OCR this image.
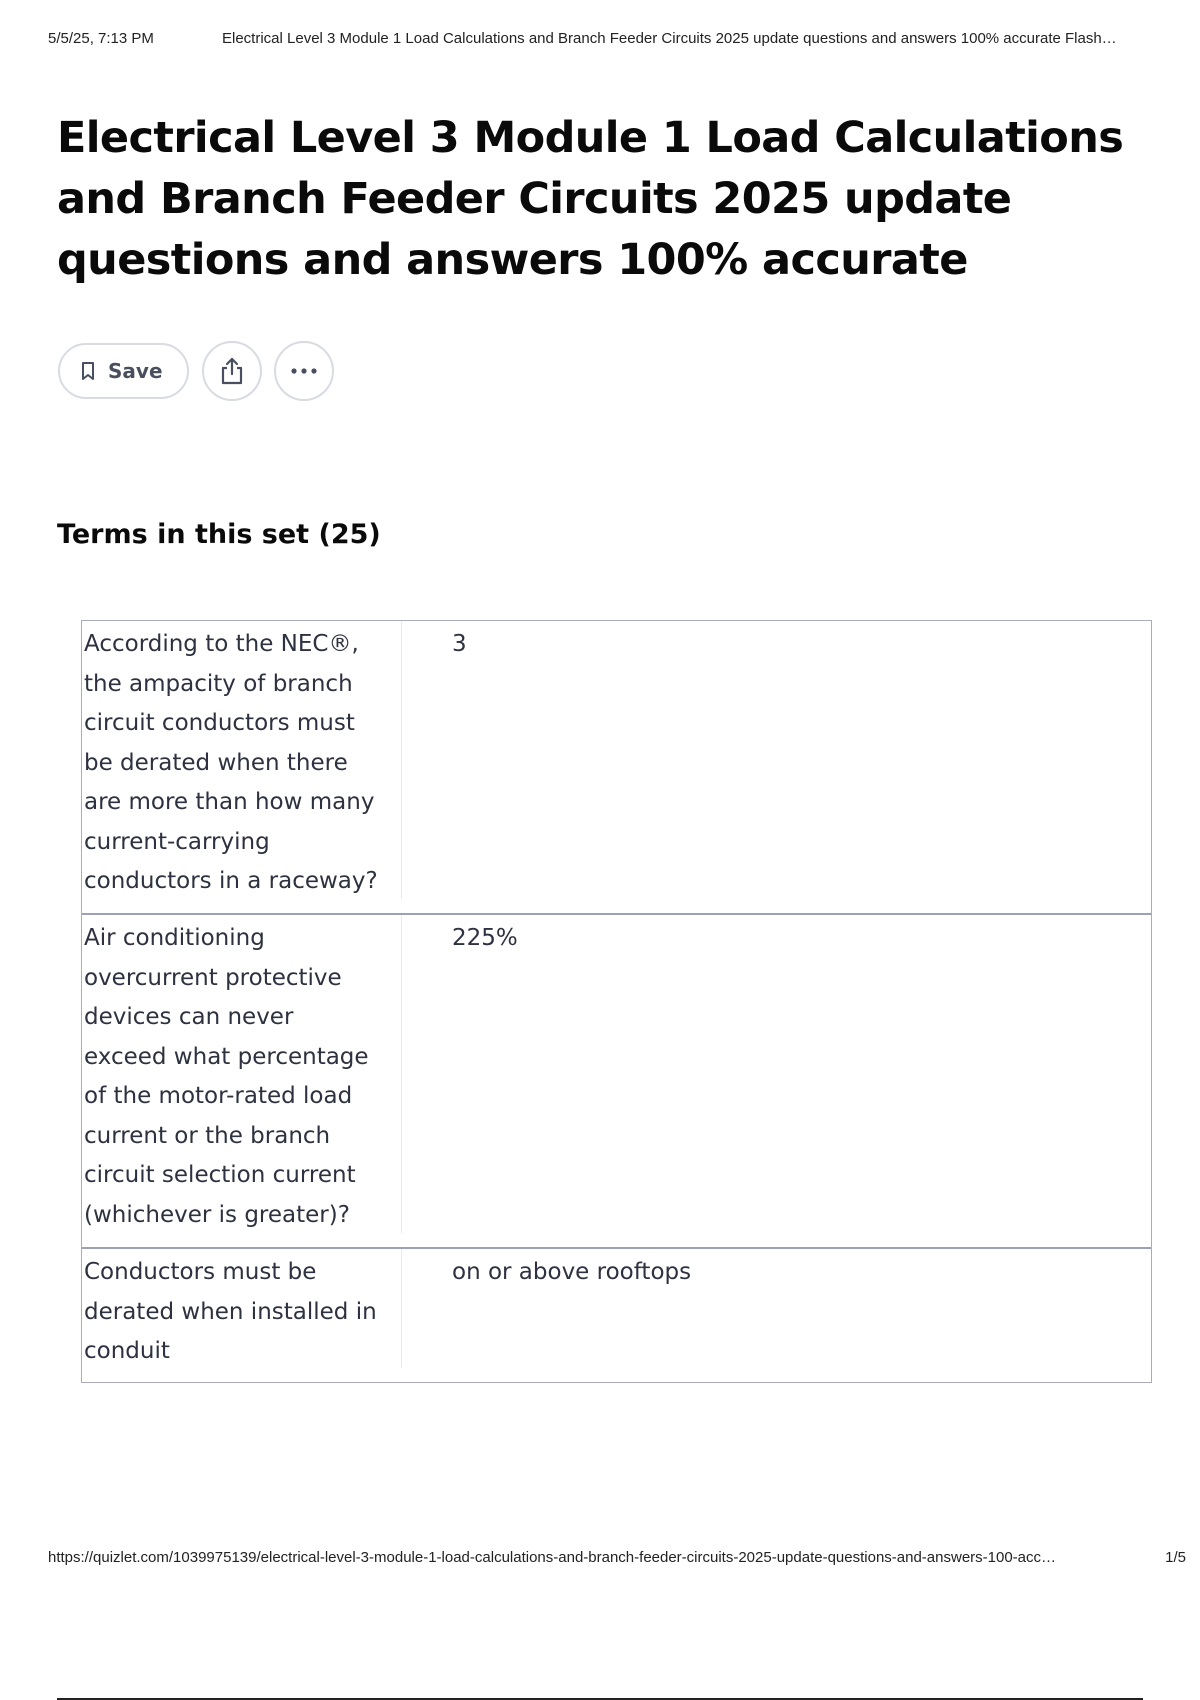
5/5/25, 7:13 PM	Electrical Level 3 Module 1 Load Calculations and Branch Feeder Circuits 2025 update questions and answers 100% accurate Flash…
Electrical Level 3 Module 1 Load Calculations and Branch Feeder Circuits 2025 update questions and answers 100% accurate
Save
Terms in this set (25)
According to the NEC®, the ampacity of branch circuit conductors must be derated when there are more than how many current-carrying conductors in a raceway?
3
Air conditioning overcurrent protective devices can never exceed what percentage of the motor-rated load current or the branch circuit selection current (whichever is greater)?
225%
Conductors must be derated when installed in conduit
on or above rooftops
https://quizlet.com/1039975139/electrical-level-3-module-1-load-calculations-and-branch-feeder-circuits-2025-update-questions-and-answers-100-acc…	1/5
